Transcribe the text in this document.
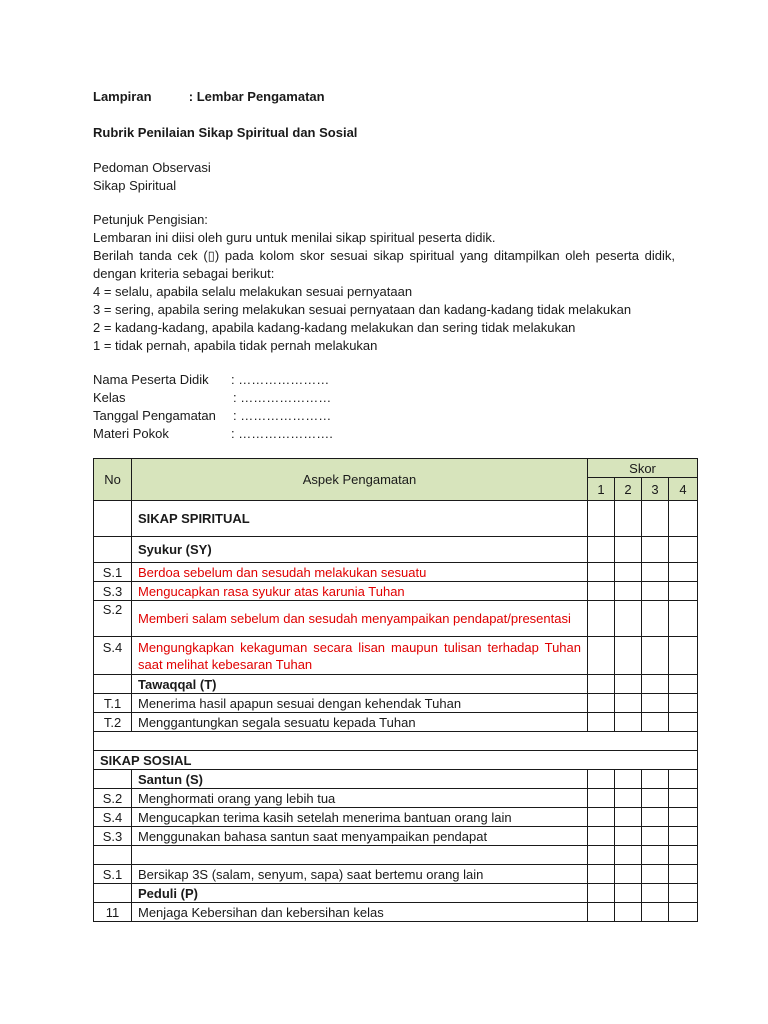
Lampiran	: Lembar Pengamatan
Rubrik Penilaian Sikap Spiritual dan Sosial
Pedoman Observasi
Sikap Spiritual
Petunjuk Pengisian:
Lembaran ini diisi oleh guru untuk menilai sikap spiritual peserta didik.
Berilah tanda cek (▯) pada kolom skor sesuai sikap spiritual yang ditampilkan oleh peserta didik, dengan kriteria sebagai berikut:
4 = selalu, apabila selalu melakukan sesuai pernyataan
3 = sering, apabila sering melakukan sesuai pernyataan dan kadang-kadang tidak melakukan
2 = kadang-kadang, apabila kadang-kadang melakukan dan sering tidak melakukan
1 = tidak pernah, apabila tidak pernah melakukan
Nama Peserta Didik : …………………
Kelas	: …………………
Tanggal Pengamatan : …………………
Materi Pokok	: ………………….
No	Aspek Pengamatan	Skor			
		1	2	3	4
	SIKAP SPIRITUAL				
	Syukur (SY)				
S.1	Berdoa sebelum dan sesudah melakukan sesuatu				
S.3	Mengucapkan rasa syukur atas karunia Tuhan				
S.2	Memberi salam sebelum dan sesudah menyampaikan pendapat/presentasi				
S.4	Mengungkapkan kekaguman secara lisan maupun tulisan terhadap Tuhan saat melihat kebesaran Tuhan				
	Tawaqqal (T)				
T.1	Menerima hasil apapun sesuai dengan kehendak Tuhan				
T.2	Menggantungkan segala sesuatu kepada Tuhan				

SIKAP SOSIAL					
	Santun (S)				
S.2	Menghormati orang yang lebih tua				
S.4	Mengucapkan terima kasih setelah menerima bantuan orang lain				
S.3	Menggunakan bahasa santun saat menyampaikan pendapat				

S.1	Bersikap 3S (salam, senyum, sapa) saat bertemu orang lain				
	Peduli (P)				
11	Menjaga Kebersihan dan kebersihan kelas				
